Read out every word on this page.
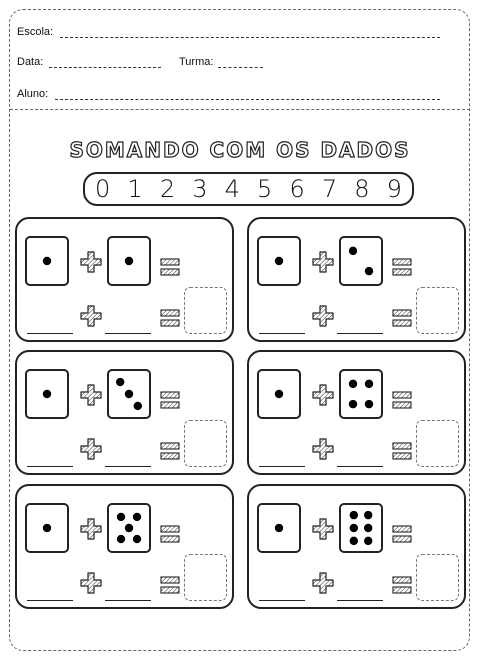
Escola:
Data:	Turma:
Aluno:
SOMANDO COM OS DADOS
0 1 2 3 4 5 6 7 8 9
